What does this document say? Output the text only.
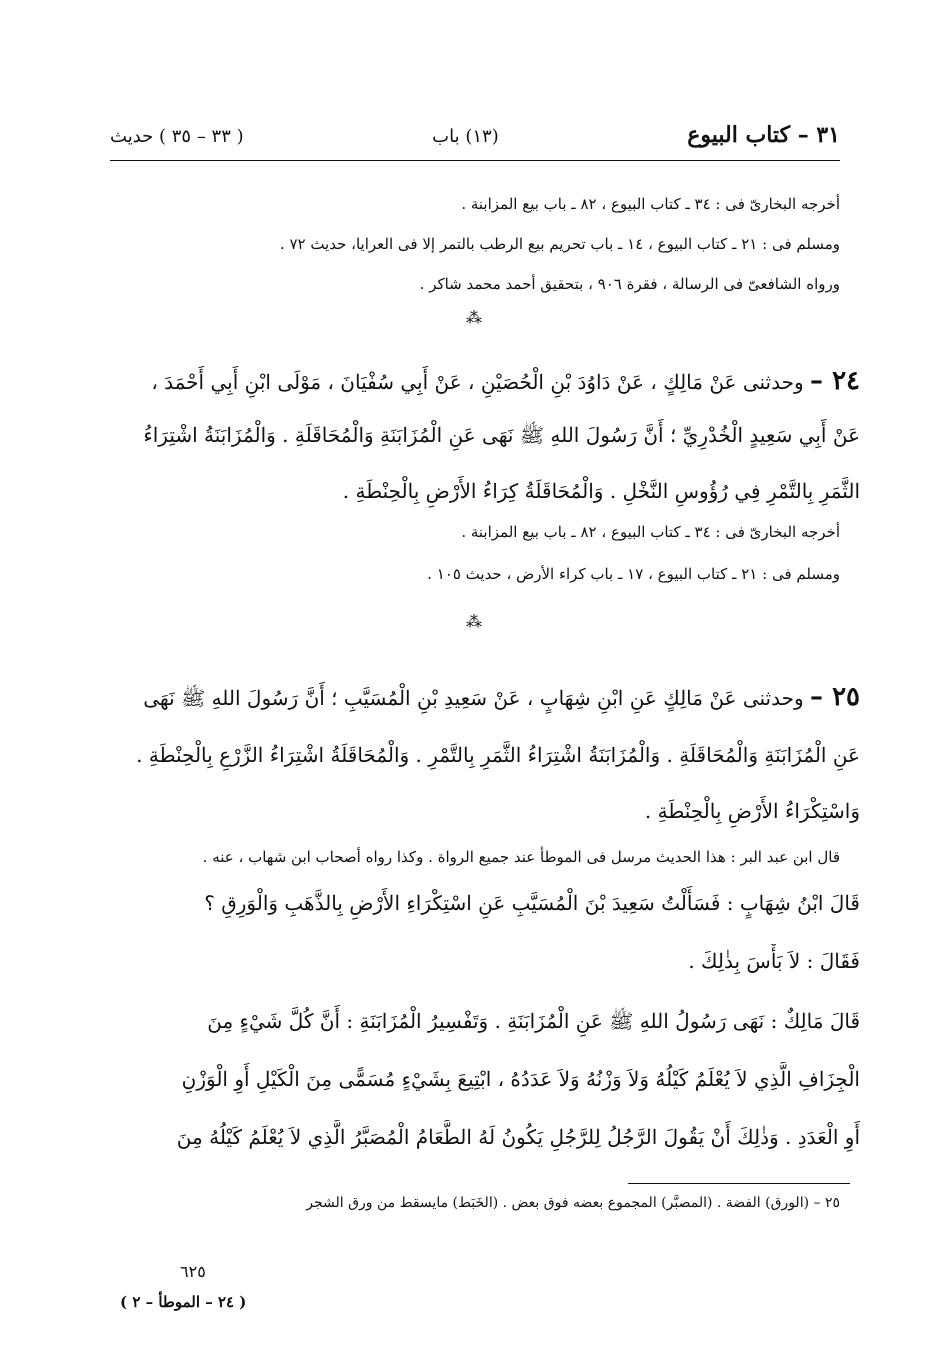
٣١ – كتاب البيوع
(١٣) باب
( ٣٣ – ٣٥ ) حديث
أخرجه البخارىّ فى : ٣٤ ـ كتاب البيوع ، ٨٢ ـ باب بيع المزابنة .
ومسلم فى : ٢١ ـ كتاب البيوع ، ١٤ ـ باب تحريم بيع الرطب بالتمر إلا فى العرايا، حديث ٧٢ .
ورواه الشافعىّ فى الرسالة ، فقرة ٩٠٦ ، بتحقيق أحمد محمد شاكر .
⁂
٢٤ – وحدثنى عَنْ مَالِكٍ ، عَنْ دَاوُدَ بْنِ الْحُصَيْنِ ، عَنْ أَبِي سُفْيَانَ ، مَوْلَى ابْنِ أَبِي أَحْمَدَ ،
عَنْ أَبِي سَعِيدٍ الْخُدْرِيِّ ؛ أَنَّ رَسُولَ اللهِ ﷺ نَهَى عَنِ الْمُزَابَنَةِ وَالْمُحَاقَلَةِ . وَالْمُزَابَنَةُ اشْتِرَاءُ
الثَّمَرِ بِالتَّمْرِ فِي رُؤُوسِ النَّخْلِ . وَالْمُحَاقَلَةُ كِرَاءُ الأَرْضِ بِالْحِنْطَةِ .
أخرجه البخارىّ فى : ٣٤ ـ كتاب البيوع ، ٨٢ ـ باب بيع المزابنة .
ومسلم فى : ٢١ ـ كتاب البيوع ، ١٧ ـ باب كراء الأرض ، حديث ١٠٥ .
⁂
٢٥ – وحدثنى عَنْ مَالِكٍ عَنِ ابْنِ شِهَابٍ ، عَنْ سَعِيدِ بْنِ الْمُسَيَّبِ ؛ أَنَّ رَسُولَ اللهِ ﷺ نَهَى
عَنِ الْمُزَابَنَةِ وَالْمُحَاقَلَةِ . وَالْمُزَابَنَةُ اشْتِرَاءُ الثَّمَرِ بِالتَّمْرِ . وَالْمُحَاقَلَةُ اشْتِرَاءُ الزَّرْعِ بِالْحِنْطَةِ .
وَاسْتِكْرَاءُ الأَرْضِ بِالْحِنْطَةِ .
قال ابن عبد البر : هذا الحديث مرسل فى الموطأ عند جميع الرواة . وكذا رواه أصحاب ابن شهاب ، عنه .
قَالَ ابْنُ شِهَابٍ : فَسَأَلْتُ سَعِيدَ بْنَ الْمُسَيَّبِ عَنِ اسْتِكْرَاءِ الأَرْضِ بِالذَّهَبِ وَالْوَرِقِ ؟
فَقَالَ : لاَ بَأْسَ بِذٰلِكَ .
قَالَ مَالِكٌ : نَهَى رَسُولُ اللهِ ﷺ عَنِ الْمُزَابَنَةِ . وَتَفْسِيرُ الْمُزَابَنَةِ : أَنَّ كُلَّ شَيْءٍ مِنَ
الْجِزَافِ الَّذِي لاَ يُعْلَمُ كَيْلُهُ وَلاَ وَزْنُهُ وَلاَ عَدَدُهُ ، ابْتِيعَ بِشَيْءٍ مُسَمًّى مِنَ الْكَيْلِ أَوِ الْوَزْنِ
أَوِ الْعَدَدِ . وَذٰلِكَ أَنْ يَقُولَ الرَّجُلُ لِلرَّجُلِ يَكُونُ لَهُ الطَّعَامُ الْمُصَبَّرُ الَّذِي لاَ يُعْلَمُ كَيْلُهُ مِنَ
٢٥ – (الورق) الفضة . (المصبَّر) المجموع بعضه فوق بعض . (الخَبَط) مايسقط من ورق الشجر
٦٢٥
( ٢٤ – الموطأ – ٢ )
